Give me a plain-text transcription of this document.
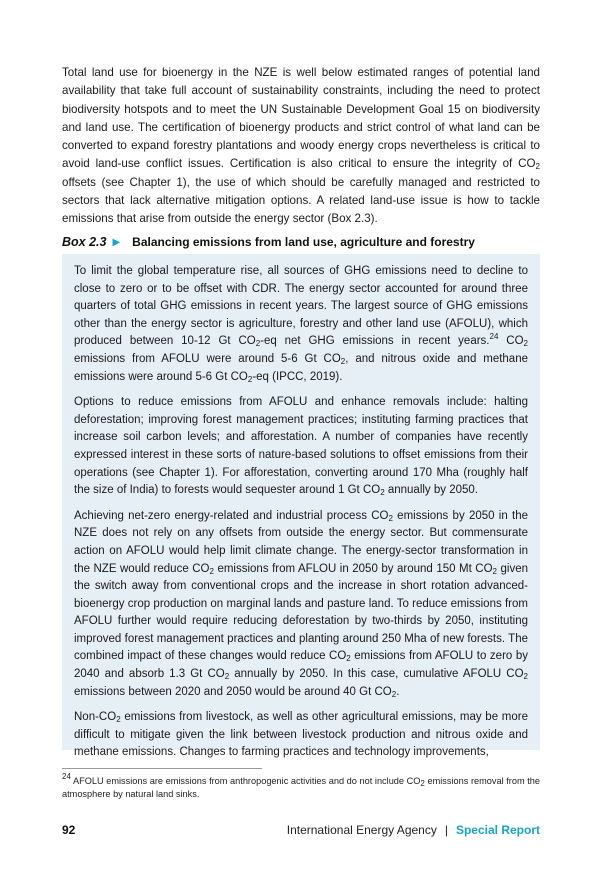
Total land use for bioenergy in the NZE is well below estimated ranges of potential land availability that take full account of sustainability constraints, including the need to protect biodiversity hotspots and to meet the UN Sustainable Development Goal 15 on biodiversity and land use. The certification of bioenergy products and strict control of what land can be converted to expand forestry plantations and woody energy crops nevertheless is critical to avoid land-use conflict issues. Certification is also critical to ensure the integrity of $CO_2$ offsets (see Chapter 1), the use of which should be carefully managed and restricted to sectors that lack alternative mitigation options. A related land-use issue is how to tackle emissions that arise from outside the energy sector (Box 2.3).

Box 2.3 ▶ Balancing emissions from land use, agriculture and forestry

To limit the global temperature rise, all sources of GHG emissions need to decline to close to zero or to be offset with CDR. The energy sector accounted for around three quarters of total GHG emissions in recent years. The largest source of GHG emissions other than the energy sector is agriculture, forestry and other land use (AFOLU), which produced between 10-12 Gt $CO_2-eq$ net GHG emissions in recent years.$^{24}$ $CO_2$ emissions from AFOLU were around 5-6 Gt $CO_2$, and nitrous oxide and methane emissions were around 5-6 Gt $CO_2-eq$ (IPCC, 2019).

Options to reduce emissions from AFOLU and enhance removals include: halting deforestation; improving forest management practices; instituting farming practices that increase soil carbon levels; and afforestation. A number of companies have recently expressed interest in these sorts of nature-based solutions to offset emissions from their operations (see Chapter 1). For afforestation, converting around 170 Mha (roughly half the size of India) to forests would sequester around 1 Gt $CO_2$ annually by 2050.

Achieving net-zero energy-related and industrial process $CO_2$ emissions by 2050 in the NZE does not rely on any offsets from outside the energy sector. But commensurate action on AFOLU would help limit climate change. The energy-sector transformation in the NZE would reduce $CO_2$ emissions from AFLOU in 2050 by around 150 Mt $CO_2$ given the switch away from conventional crops and the increase in short rotation advanced-bioenergy crop production on marginal lands and pasture land. To reduce emissions from AFOLU further would require reducing deforestation by two-thirds by 2050, instituting improved forest management practices and planting around 250 Mha of new forests. The combined impact of these changes would reduce $CO_2$ emissions from AFOLU to zero by 2040 and absorb 1.3 Gt $CO_2$ annually by 2050. In this case, cumulative AFOLU $CO_2$ emissions between 2020 and 2050 would be around 40 Gt $CO_2$.

Non-$CO_2$ emissions from livestock, as well as other agricultural emissions, may be more difficult to mitigate given the link between livestock production and nitrous oxide and methane emissions. Changes to farming practices and technology improvements,

$^{24}$ AFOLU emissions are emissions from anthropogenic activities and do not include $CO_2$ emissions removal from the atmosphere by natural land sinks.

92	International Energy Agency | Special Report
